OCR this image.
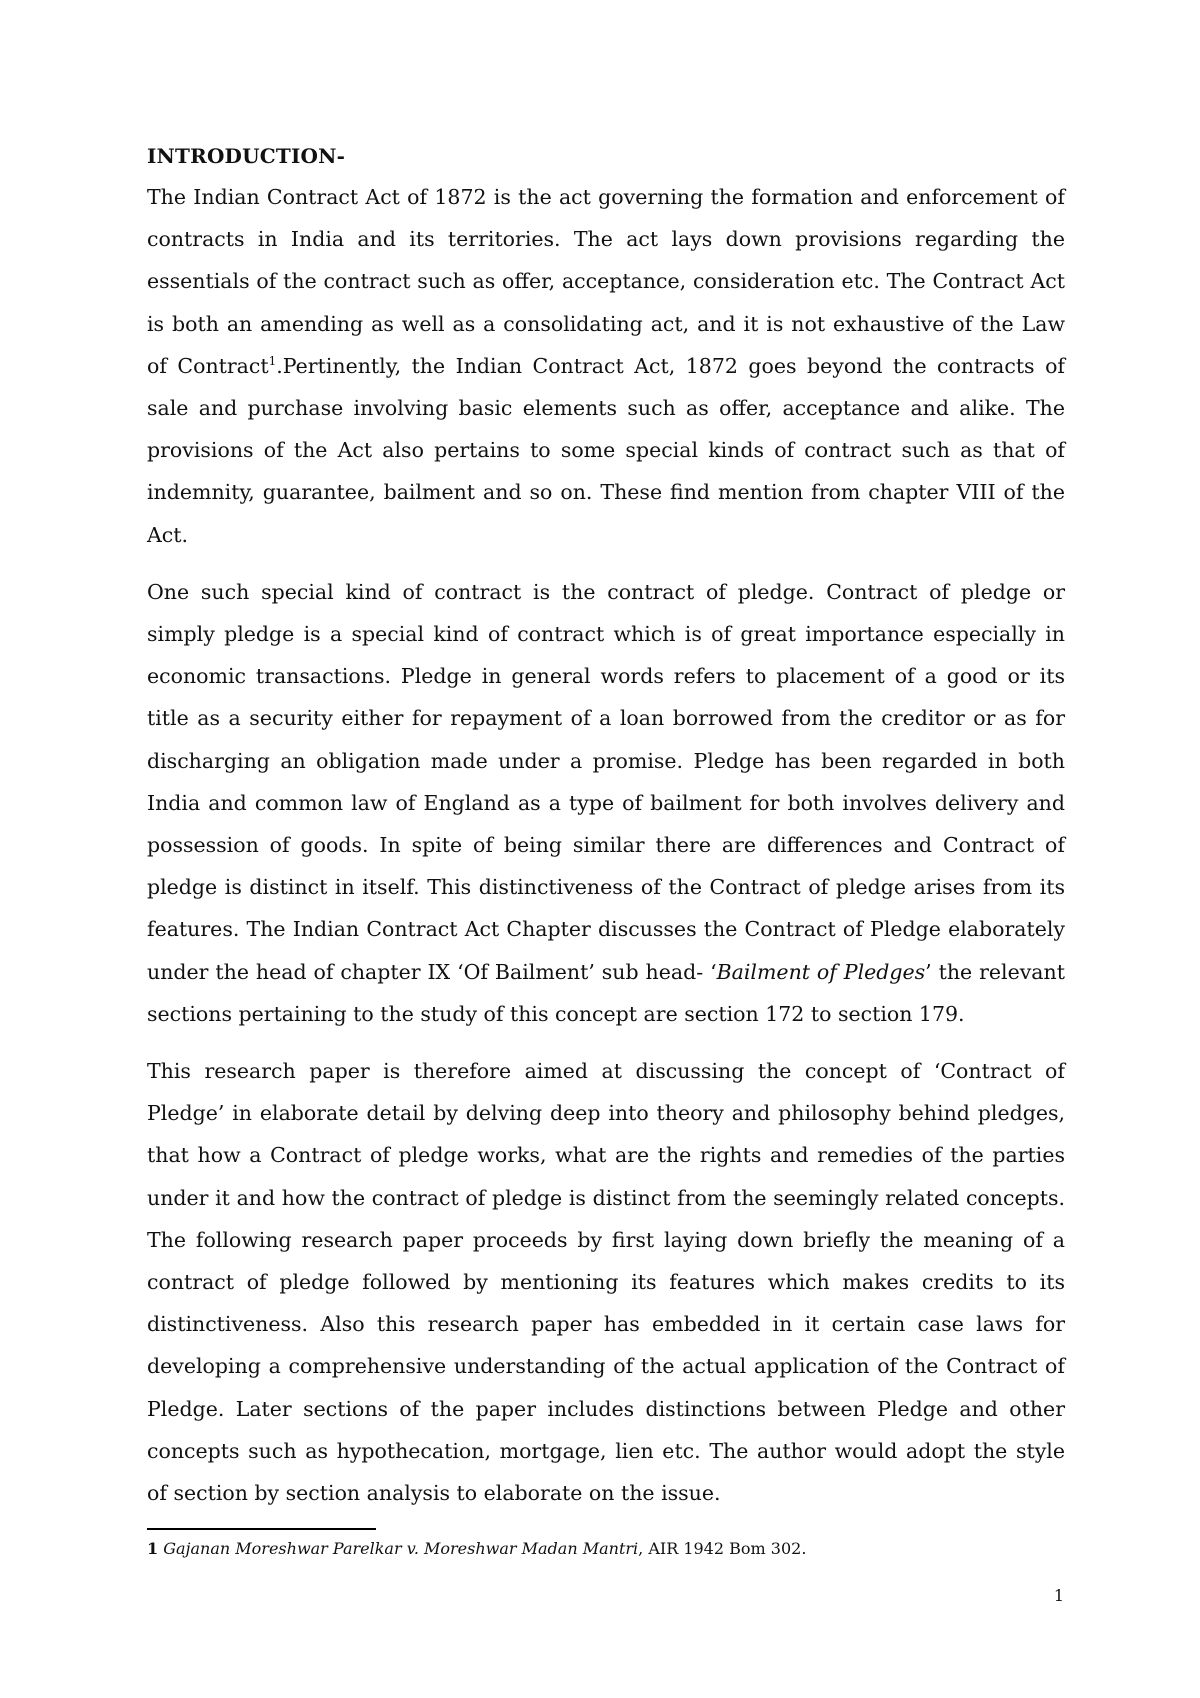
INTRODUCTION-

The Indian Contract Act of 1872 is the act governing the formation and enforcement of contracts in India and its territories. The act lays down provisions regarding the essentials of the contract such as offer, acceptance, consideration etc. The Contract Act is both an amending as well as a consolidating act, and it is not exhaustive of the Law of Contract$^1$.Pertinently, the Indian Contract Act, 1872 goes beyond the contracts of sale and purchase involving basic elements such as offer, acceptance and alike. The provisions of the Act also pertains to some special kinds of contract such as that of indemnity, guarantee, bailment and so on. These find mention from chapter VIII of the Act.

One such special kind of contract is the contract of pledge. Contract of pledge or simply pledge is a special kind of contract which is of great importance especially in economic transactions. Pledge in general words refers to placement of a good or its title as a security either for repayment of a loan borrowed from the creditor or as for discharging an obligation made under a promise. Pledge has been regarded in both India and common law of England as a type of bailment for both involves delivery and possession of goods. In spite of being similar there are differences and Contract of pledge is distinct in itself. This distinctiveness of the Contract of pledge arises from its features. The Indian Contract Act Chapter discusses the Contract of Pledge elaborately under the head of chapter IX ‘Of Bailment’ sub head- ‘Bailment of Pledges’ the relevant sections pertaining to the study of this concept are section 172 to section 179.

This research paper is therefore aimed at discussing the concept of ‘Contract of Pledge’ in elaborate detail by delving deep into theory and philosophy behind pledges, that how a Contract of pledge works, what are the rights and remedies of the parties under it and how the contract of pledge is distinct from the seemingly related concepts. The following research paper proceeds by first laying down briefly the meaning of a contract of pledge followed by mentioning its features which makes credits to its distinctiveness. Also this research paper has embedded in it certain case laws for developing a comprehensive understanding of the actual application of the Contract of Pledge. Later sections of the paper includes distinctions between Pledge and other concepts such as hypothecation, mortgage, lien etc. The author would adopt the style of section by section analysis to elaborate on the issue.

1 Gajanan Moreshwar Parelkar v. Moreshwar Madan Mantri, AIR 1942 Bom 302.
1
